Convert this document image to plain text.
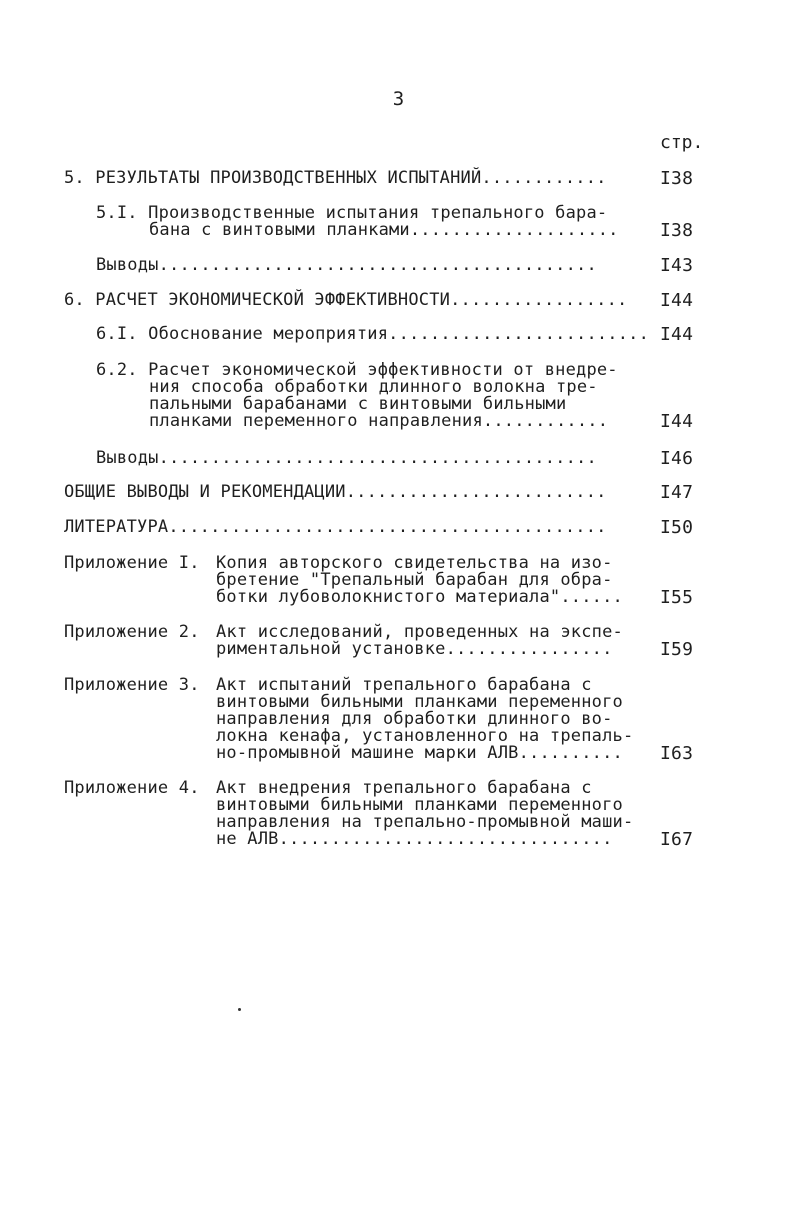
3
стр.
5. РЕЗУЛЬТАТЫ ПРОИЗВОДСТВЕННЫХ ИСПЫТАНИЙ............	I38
5.I. Производственные испытания трепального бара-
бана с винтовыми планками.................... I38
Выводы..........................................	I43
6. РАСЧЕТ ЭКОНОМИЧЕСКОЙ ЭФФЕКТИВНОСТИ................. I44
6.I. Обоснование мероприятия......................... I44
6.2. Расчет экономической эффективности от внедре-
ния способа обработки длинного волокна тре-
пальными барабанами с винтовыми бильными
планками переменного направления............	I44
Выводы..........................................	I46
ОБЩИЕ ВЫВОДЫ И РЕКОМЕНДАЦИИ.........................	I47
ЛИТЕРАТУРА..........................................	I50
Приложение I. Копия авторского свидетельства на изо-
бретение "Трепальный барабан для обра-
ботки лубоволокнистого материала"...... I55
Приложение 2. Акт исследований, проведенных на экспе-
риментальной установке................	I59
Приложение 3. Акт испытаний трепального барабана с
винтовыми бильными планками переменного
направления для обработки длинного во-
локна кенафа, установленного на трепаль-
но-промывной машине марки АЛВ.......... I63
Приложение 4. Акт внедрения трепального барабана с
винтовыми бильными планками переменного
направления на трепально-промывной маши-
не АЛВ................................	I67
